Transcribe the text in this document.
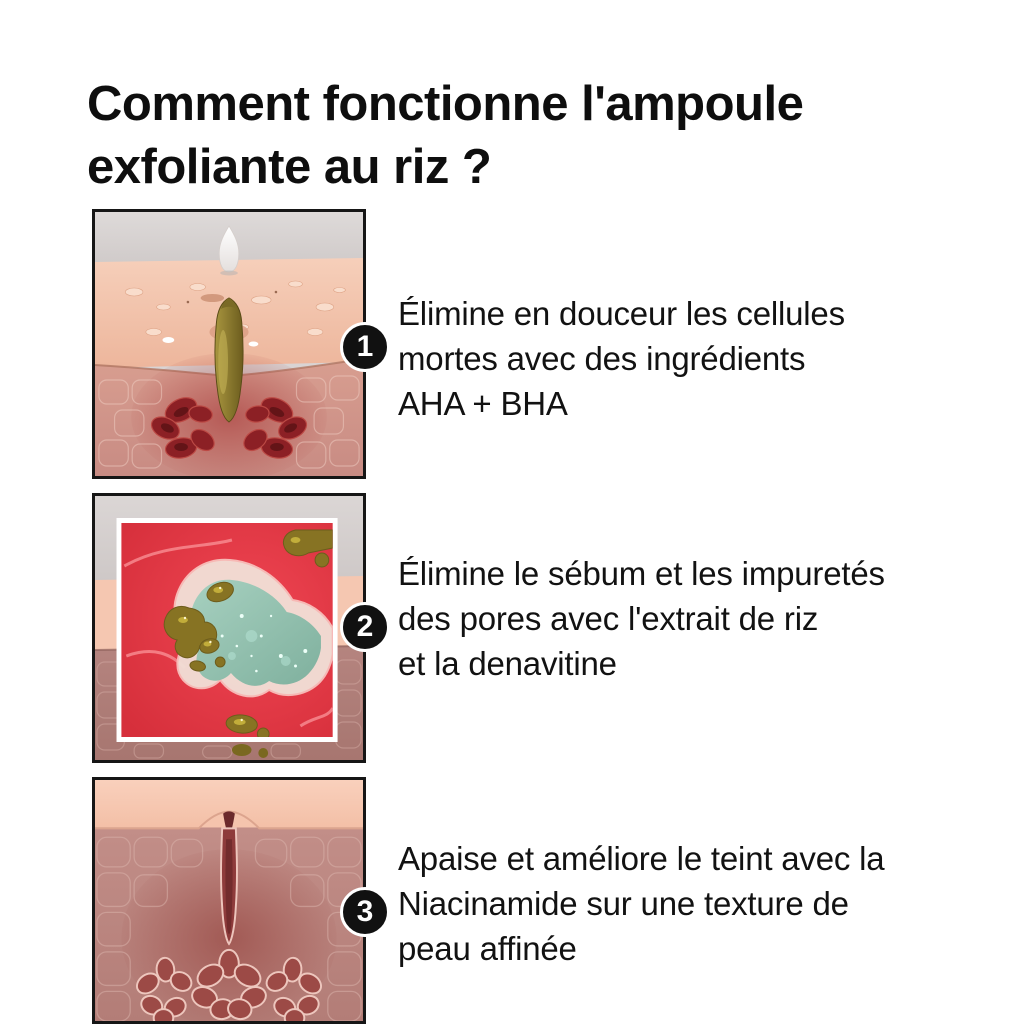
Comment fonctionne l'ampoule
exfoliante au riz ?
1
Élimine en douceur les cellules
mortes avec des ingrédients
AHA + BHA
2
Élimine le sébum et les impuretés
des pores avec l'extrait de riz
et la denavitine
3
Apaise et améliore le teint avec la
Niacinamide sur une texture de
peau affinée
